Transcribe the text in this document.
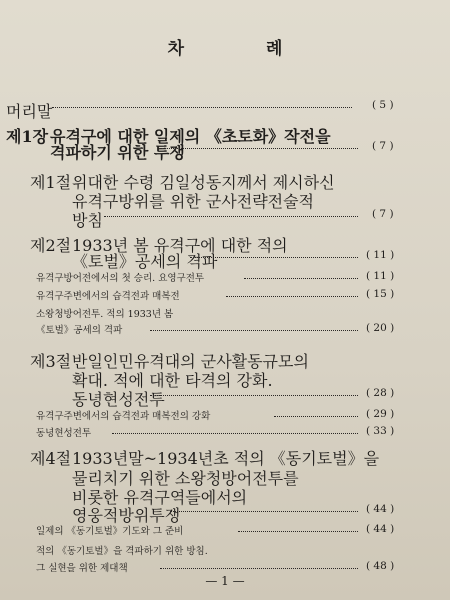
차 례
머리말	( 5 )
제1장 유격구에 대한 일제의 《초토화》작전을
격파하기 위한 투쟁	( 7 )
제1절 위대한 수령 김일성동지께서 제시하신
유격구방위를 위한 군사전략전술적
방침	( 7 )
제2절 1933년 봄 유격구에 대한 적의
《토벌》공세의 격파	( 11 )
유격구방어전에서의 첫 승리. 요영구전투	( 11 )
유격구주변에서의 습격전과 매복전	( 15 )
소왕청방어전투. 적의 1933년 봄
《토벌》공세의 격파	( 20 )
제3절 반일인민유격대의 군사활동규모의
확대. 적에 대한 타격의 강화.
동녕현성전투	( 28 )
유격구주변에서의 습격전과 매복전의 강화	( 29 )
동녕현성전투	( 33 )
제4절 1933년말~1934년초 적의 《동기토벌》을
물리치기 위한 소왕청방어전투를
비롯한 유격구역들에서의
영웅적방위투쟁	( 44 )
일제의 《동기토벌》기도와 그 준비	( 44 )
적의 《동기토벌》을 격파하기 위한 방침.
그 실현을 위한 제대책	( 48 )
— 1 —
